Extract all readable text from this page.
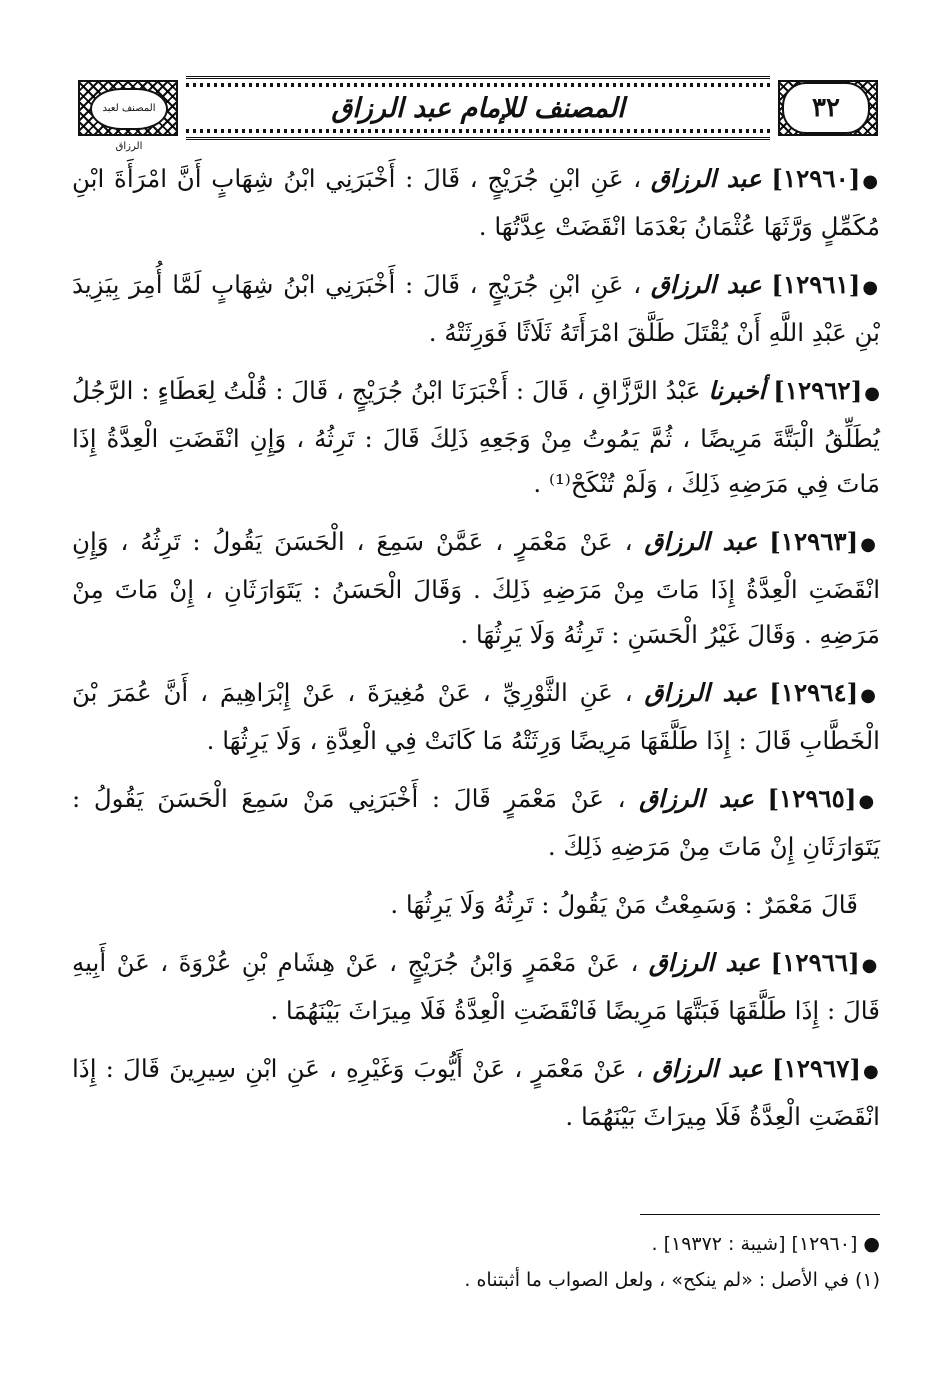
المصنف لعبد الرزاق
المصنف للإمام عبد الرزاق	٣٢

●[١٢٩٦٠] عبد الرزاق ، عَنِ ابْنِ جُرَيْجٍ ، قَالَ : أَخْبَرَنِي ابْنُ شِهَابٍ أَنَّ امْرَأَةَ ابْنِ مُكَمِّلٍ وَرَّثَهَا عُثْمَانُ بَعْدَمَا انْقَضَتْ عِدَّتُهَا .

●[١٢٩٦١] عبد الرزاق ، عَنِ ابْنِ جُرَيْجٍ ، قَالَ : أَخْبَرَنِي ابْنُ شِهَابٍ لَمَّا أُمِرَ بِيَزِيدَ بْنِ عَبْدِ اللَّهِ أَنْ يُقْتَلَ طَلَّقَ امْرَأَتَهُ ثَلَاثًا فَوَرِثَتْهُ .

●[١٢٩٦٢] أخبرنا عَبْدُ الرَّزَّاقِ ، قَالَ : أَخْبَرَنَا ابْنُ جُرَيْجٍ ، قَالَ : قُلْتُ لِعَطَاءٍ : الرَّجُلُ يُطَلِّقُ الْبَتَّةَ مَرِيضًا ، ثُمَّ يَمُوتُ مِنْ وَجَعِهِ ذَلِكَ قَالَ : تَرِثُهُ ، وَإِنِ انْقَضَتِ الْعِدَّةُ إِذَا مَاتَ فِي مَرَضِهِ ذَلِكَ ، وَلَمْ تُنْكَحْ⁽¹⁾ .

●[١٢٩٦٣] عبد الرزاق ، عَنْ مَعْمَرٍ ، عَمَّنْ سَمِعَ ، الْحَسَنَ يَقُولُ : تَرِثُهُ ، وَإِنِ انْقَضَتِ الْعِدَّةُ إِذَا مَاتَ مِنْ مَرَضِهِ ذَلِكَ . وَقَالَ الْحَسَنُ : يَتَوَارَثَانِ ، إِنْ مَاتَ مِنْ مَرَضِهِ . وَقَالَ غَيْرُ الْحَسَنِ : تَرِثُهُ وَلَا يَرِثُهَا .

●[١٢٩٦٤] عبد الرزاق ، عَنِ الثَّوْرِيِّ ، عَنْ مُغِيرَةَ ، عَنْ إِبْرَاهِيمَ ، أَنَّ عُمَرَ بْنَ الْخَطَّابِ قَالَ : إِذَا طَلَّقَهَا مَرِيضًا وَرِثَتْهُ مَا كَانَتْ فِي الْعِدَّةِ ، وَلَا يَرِثُهَا .

●[١٢٩٦٥] عبد الرزاق ، عَنْ مَعْمَرٍ قَالَ : أَخْبَرَنِي مَنْ سَمِعَ الْحَسَنَ يَقُولُ : يَتَوَارَثَانِ إِنْ مَاتَ مِنْ مَرَضِهِ ذَلِكَ .

قَالَ مَعْمَرٌ : وَسَمِعْتُ مَنْ يَقُولُ : تَرِثُهُ وَلَا يَرِثُهَا .

●[١٢٩٦٦] عبد الرزاق ، عَنْ مَعْمَرٍ وَابْنُ جُرَيْجٍ ، عَنْ هِشَامِ بْنِ عُرْوَةَ ، عَنْ أَبِيهِ قَالَ : إِذَا طَلَّقَهَا فَبَتَّهَا مَرِيضًا فَانْقَضَتِ الْعِدَّةُ فَلَا مِيرَاثَ بَيْنَهُمَا .

●[١٢٩٦٧] عبد الرزاق ، عَنْ مَعْمَرٍ ، عَنْ أَيُّوبَ وَغَيْرِهِ ، عَنِ ابْنِ سِيرِينَ قَالَ : إِذَا انْقَضَتِ الْعِدَّةُ فَلَا مِيرَاثَ بَيْنَهُمَا .

● [١٢٩٦٠] [شيبة : ١٩٣٧٢] .
(١) في الأصل : «لم ينكح» ، ولعل الصواب ما أثبتناه .
